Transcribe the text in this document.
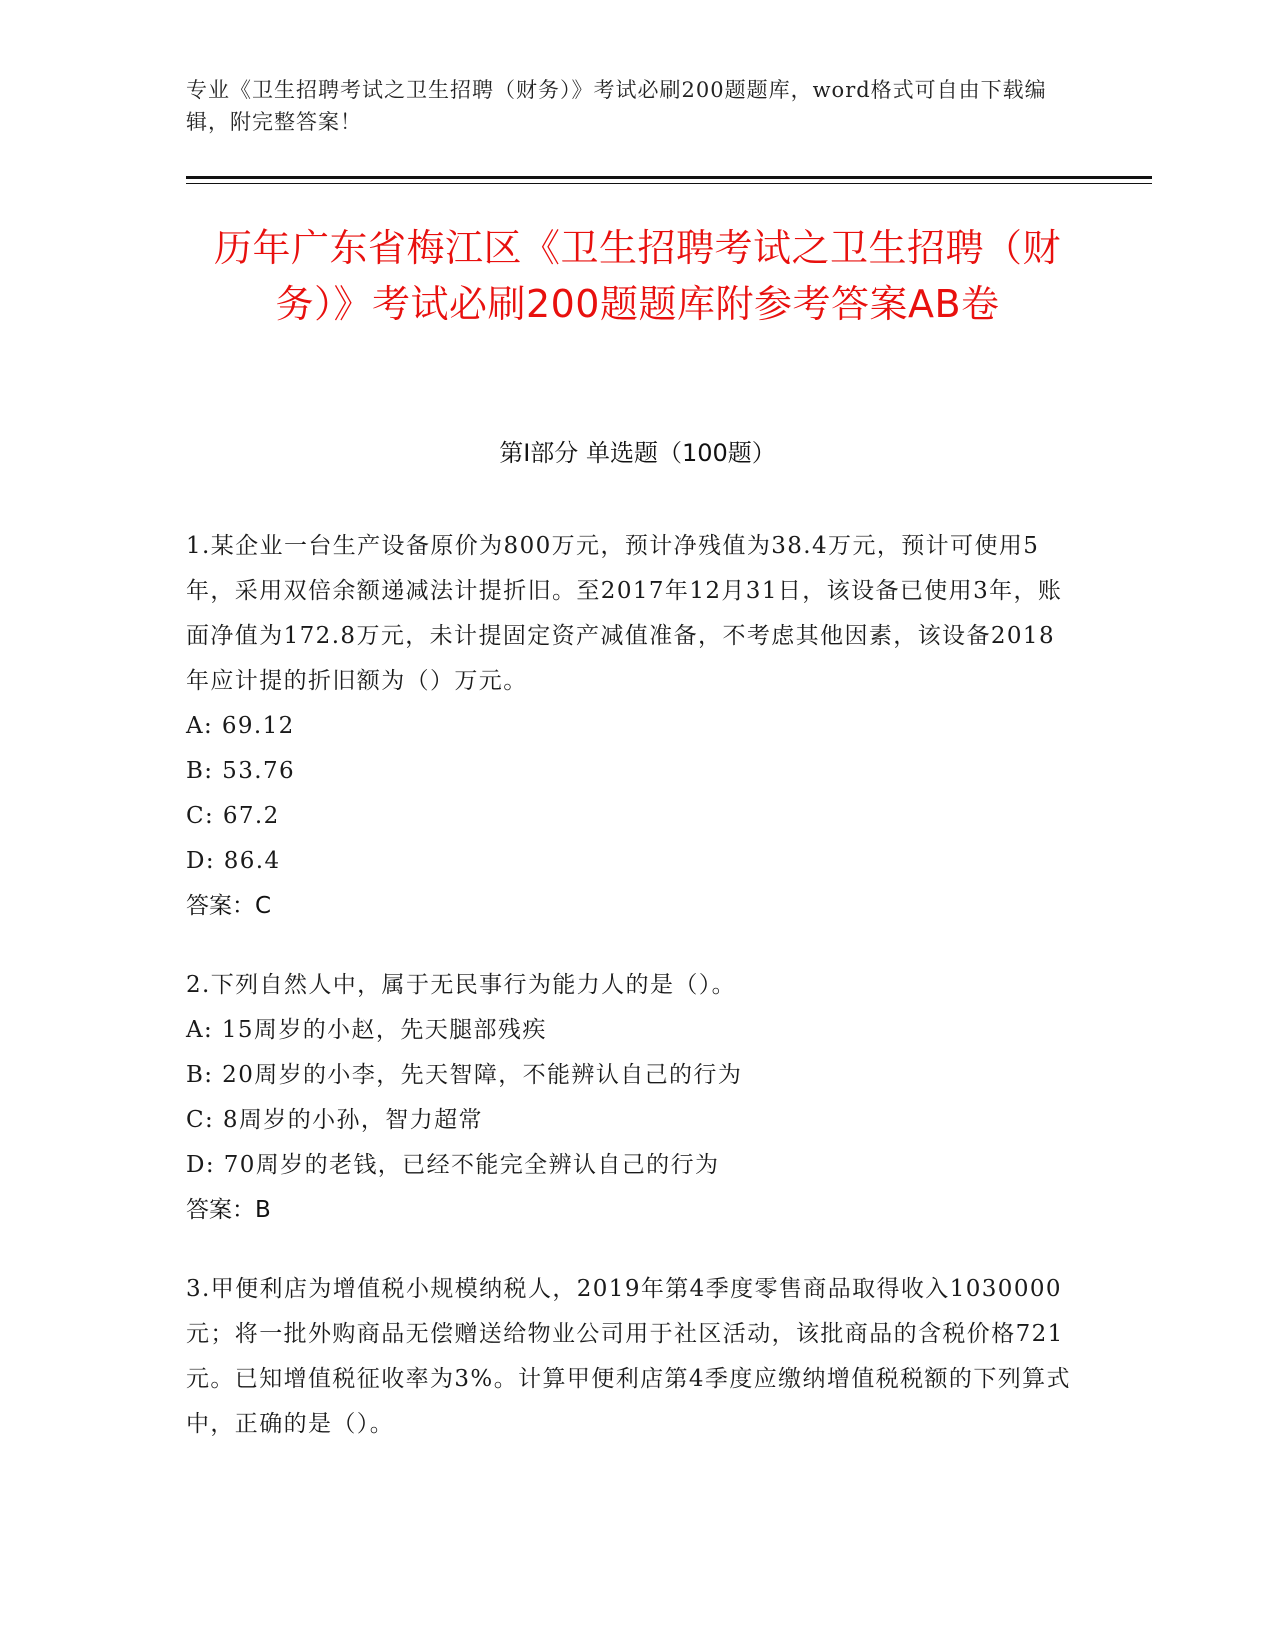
专业《卫生招聘考试之卫生招聘（财务）》考试必刷200题题库，word格式可自由下载编辑，附完整答案！
历年广东省梅江区《卫生招聘考试之卫生招聘（财务）》考试必刷200题题库附参考答案AB卷
第I部分 单选题（100题）

1.某企业一台生产设备原价为800万元，预计净残值为38.4万元，预计可使用5年，采用双倍余额递减法计提折旧。至2017年12月31日，该设备已使用3年，账面净值为172.8万元，未计提固定资产减值准备，不考虑其他因素，该设备2018年应计提的折旧额为（）万元。

A: 69.12

B: 53.76

C: 67.2

D: 86.4

答案：C

2.下列自然人中，属于无民事行为能力人的是（）。

A: 15周岁的小赵，先天腿部残疾

B: 20周岁的小李，先天智障，不能辨认自己的行为

C: 8周岁的小孙，智力超常

D: 70周岁的老钱，已经不能完全辨认自己的行为

答案：B

3.甲便利店为增值税小规模纳税人，2019年第4季度零售商品取得收入1030000元；将一批外购商品无偿赠送给物业公司用于社区活动，该批商品的含税价格721元。已知增值税征收率为3%。计算甲便利店第4季度应缴纳增值税税额的下列算式中，正确的是（）。
